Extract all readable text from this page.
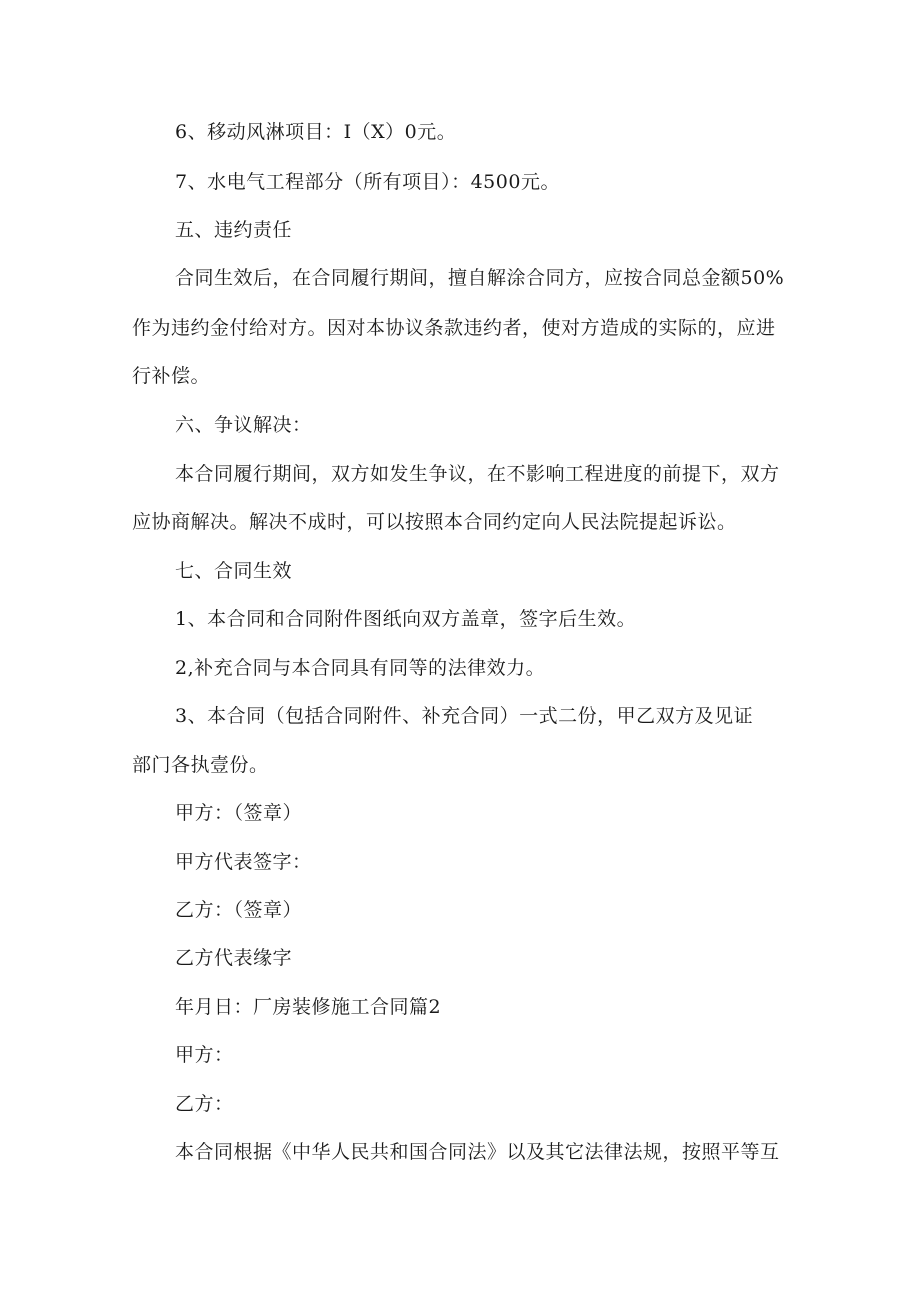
6、移动风淋项目：I（X）0元。
7、水电气工程部分（所有项目）：4500元。
五、违约责任
合同生效后，在合同履行期间，擅自解涂合同方，应按合同总金额50%
作为违约金付给对方。因对本协议条款违约者，使对方造成的实际的，应进
行补偿。
六、争议解决：
本合同履行期间，双方如发生争议，在不影响工程进度的前提下，双方
应协商解决。解决不成时，可以按照本合同约定向人民法院提起诉讼。
七、合同生效
1、本合同和合同附件图纸向双方盖章，签字后生效。
2,补充合同与本合同具有同等的法律效力。
3、本合同（包括合同附件、补充合同）一式二份，甲乙双方及见证
部门各执壹份。
甲方：（签章）
甲方代表签字：
乙方：（签章）
乙方代表缘字
年月日：厂房装修施工合同篇2
甲方：
乙方：
本合同根据《中华人民共和国合同法》以及其它法律法规，按照平等互
